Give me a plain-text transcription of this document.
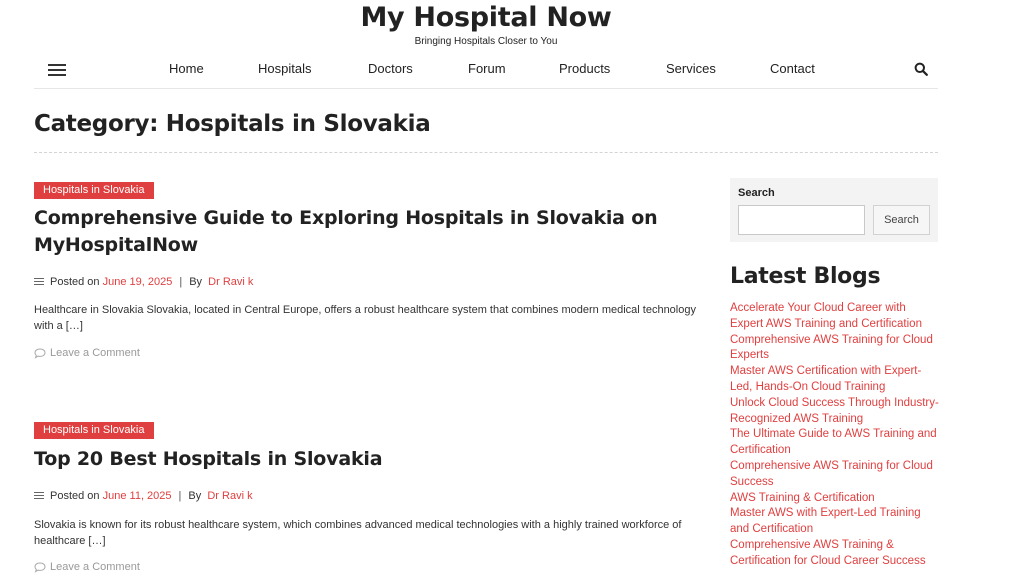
My Hospital Now
Bringing Hospitals Closer to You
Home	Hospitals	Doctors	Forum	Products	Services	Contact
Category: Hospitals in Slovakia
Hospitals in Slovakia
Comprehensive Guide to Exploring Hospitals in Slovakia on MyHospitalNow
Posted on
June 19, 2025 | By
Dr Ravi k
Healthcare in Slovakia Slovakia, located in Central Europe, offers a robust healthcare system that combines modern medical technology with a […]
Leave a Comment
Hospitals in Slovakia
Top 20 Best Hospitals in Slovakia
Posted on
June 11, 2025 | By
Dr Ravi k
Slovakia is known for its robust healthcare system, which combines advanced medical technologies with a highly trained workforce of healthcare […]
Leave a Comment
Search
Search
Latest Blogs
Accelerate Your Cloud Career with Expert AWS Training and Certification
Comprehensive AWS Training for Cloud Experts
Master AWS Certification with Expert-Led, Hands-On Cloud Training
Unlock Cloud Success Through Industry-Recognized AWS Training
The Ultimate Guide to AWS Training and Certification
Comprehensive AWS Training for Cloud Success
AWS Training & Certification
Master AWS with Expert-Led Training and Certification
Comprehensive AWS Training & Certification for Cloud Career Success
